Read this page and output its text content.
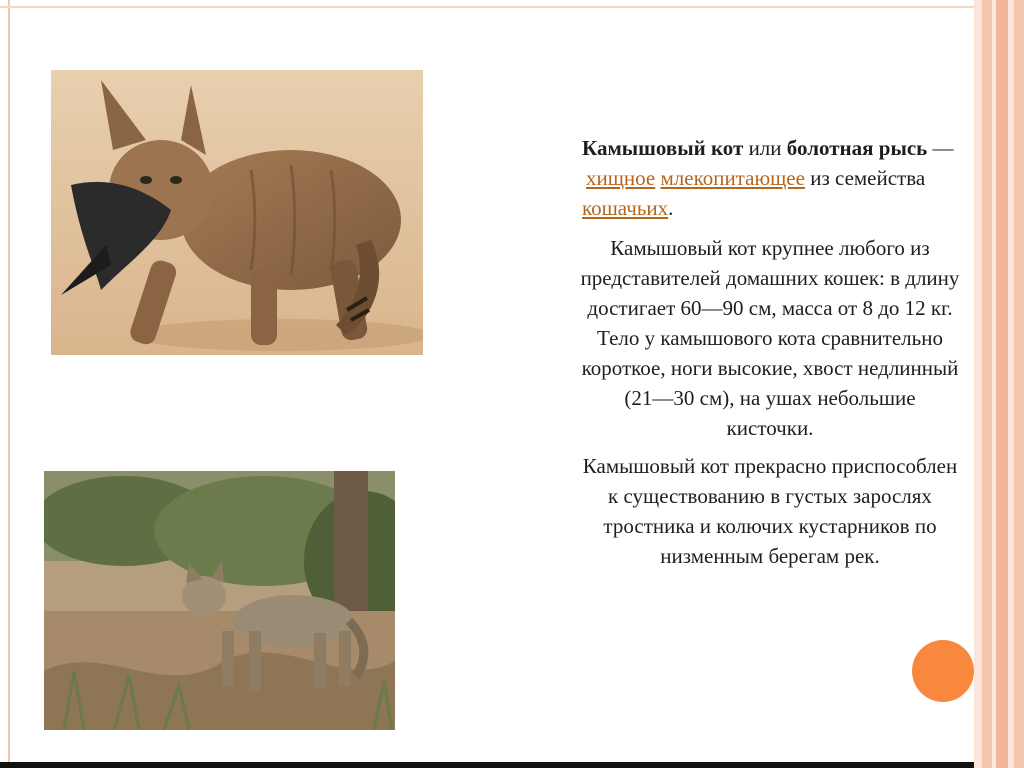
Камышовый кот или болотная рысь —
хищное млекопитающее из семейства кошачьих.

Камышовый кот крупнее любого из представителей домашних кошек: в длину достигает 60—90 см, масса от 8 до 12 кг. Тело у камышового кота сравнительно короткое, ноги высокие, хвост недлинный (21—30 см), на ушах небольшие кисточки.

Камышовый кот прекрасно приспособлен к существованию в густых зарослях тростника и колючих кустарников по низменным берегам рек.
